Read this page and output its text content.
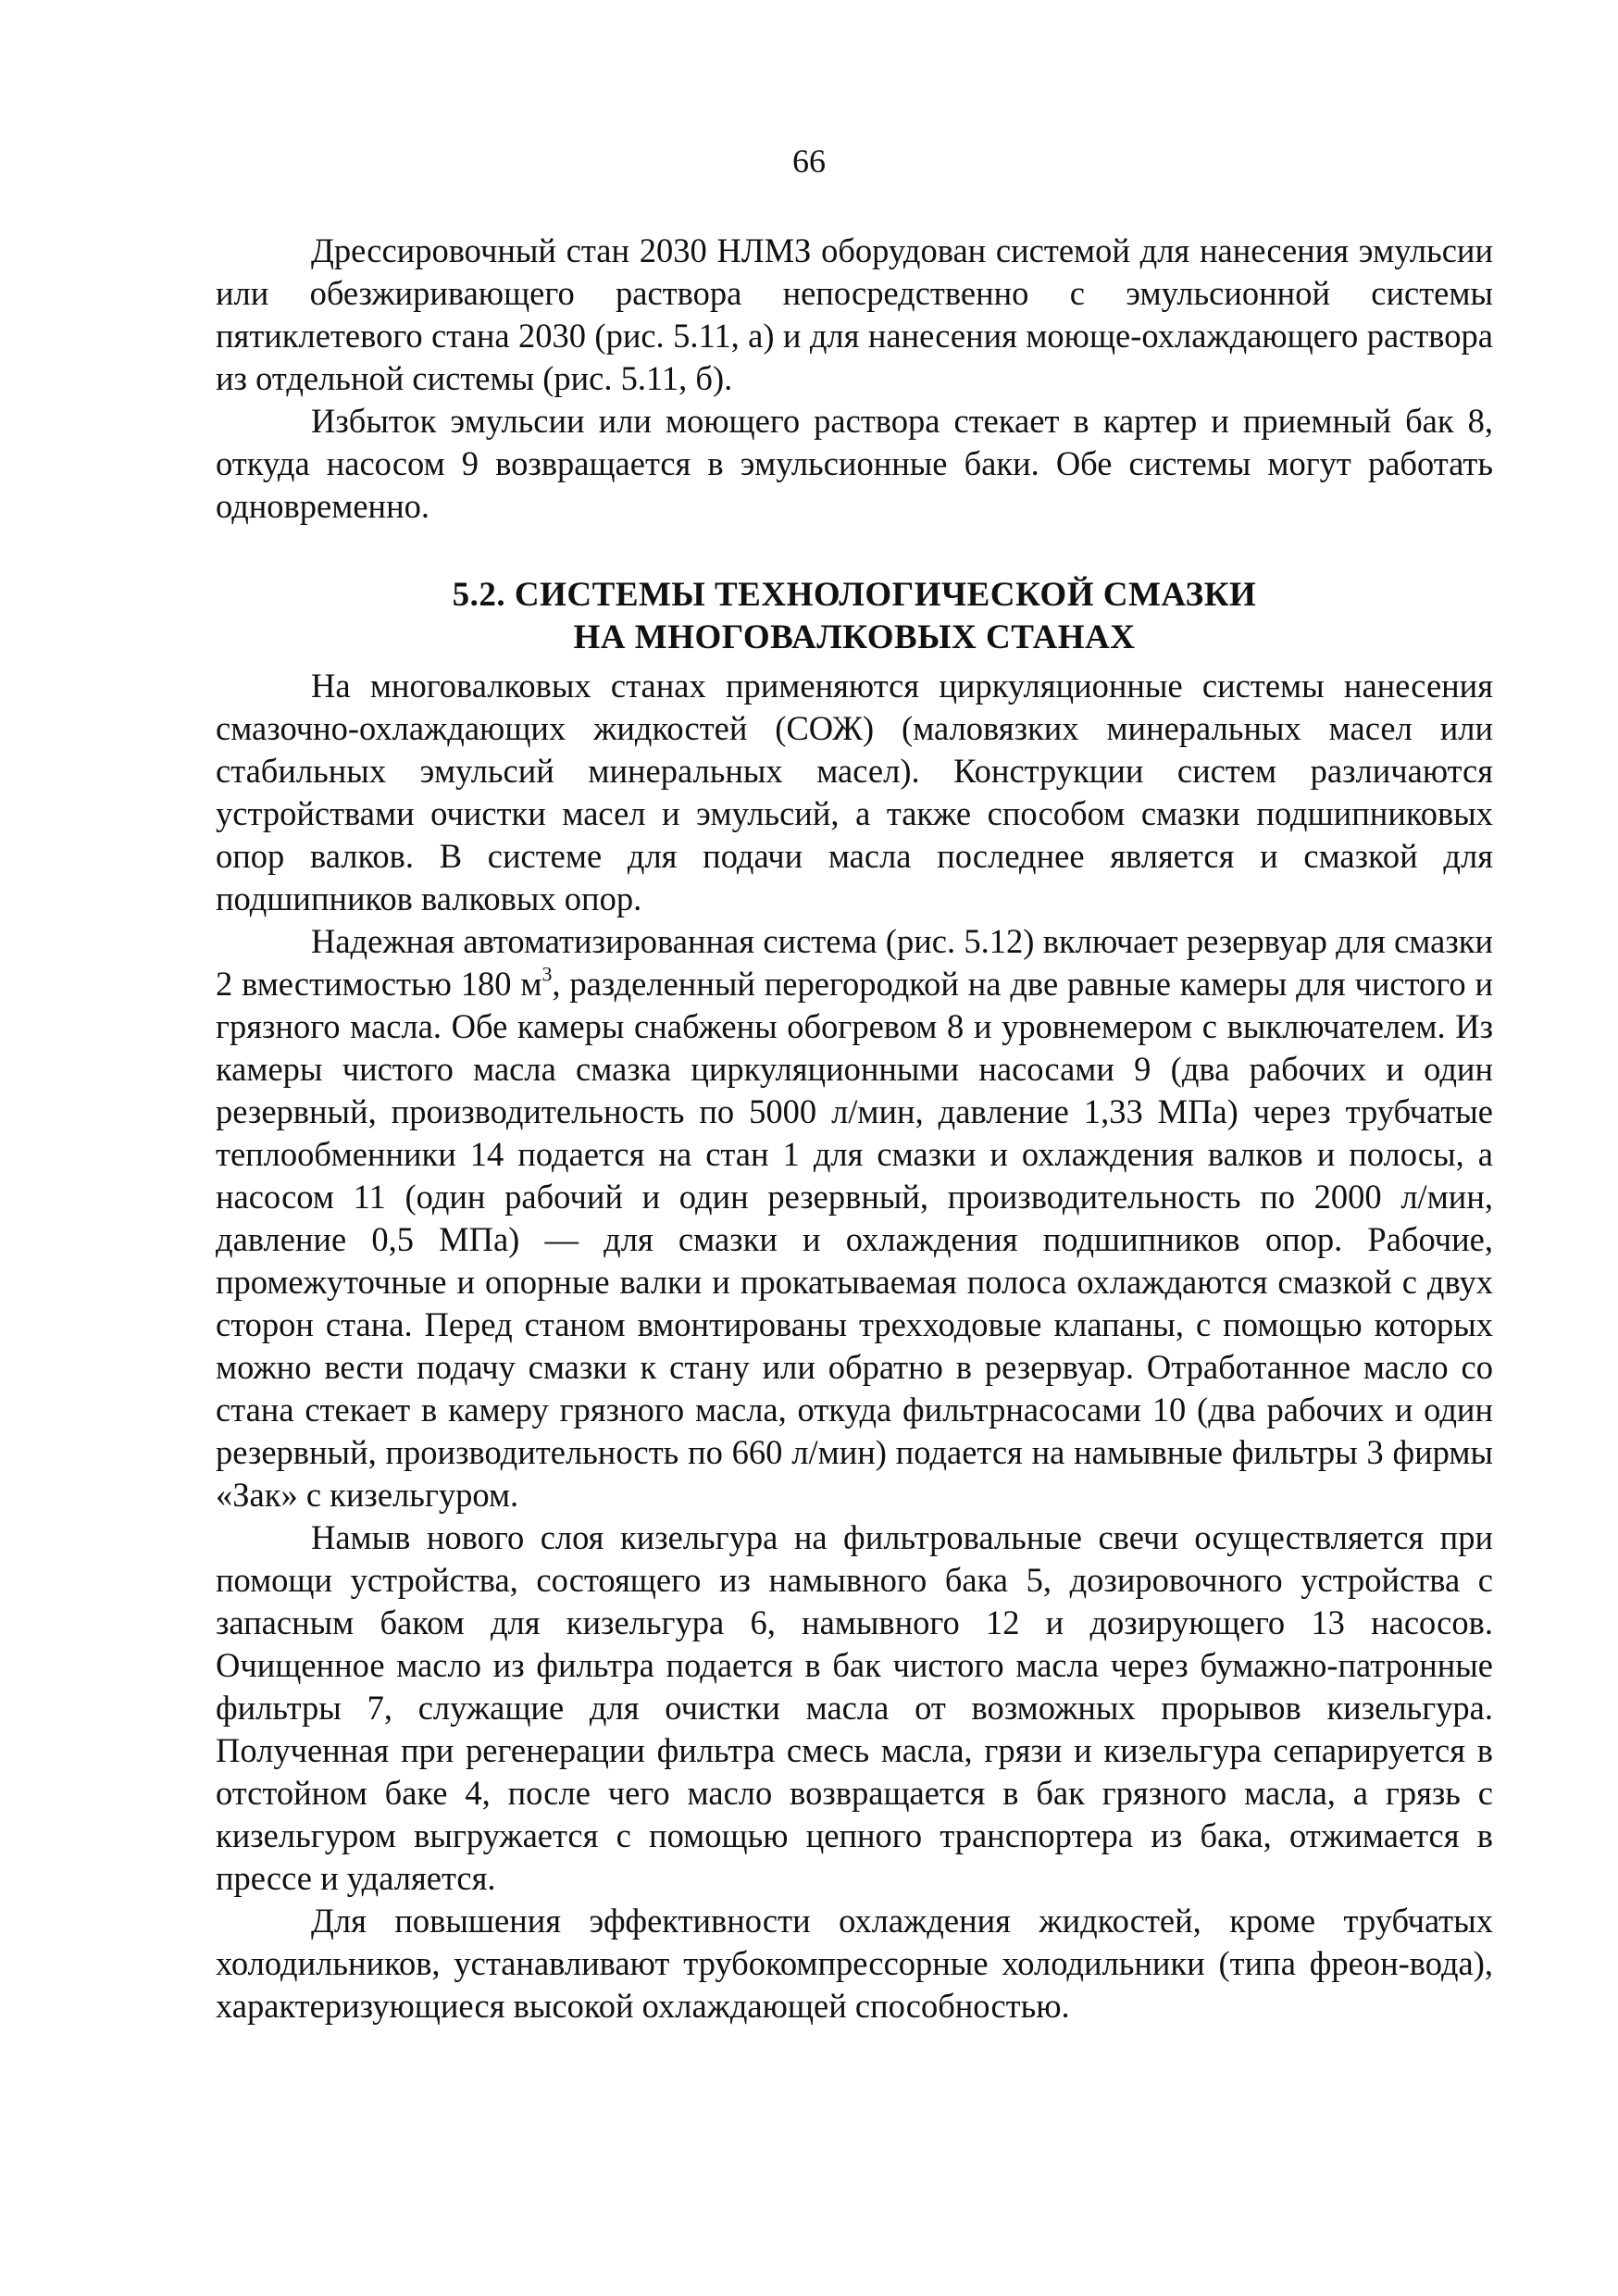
66

Дрессировочный стан 2030 НЛМЗ оборудован системой для нанесения эмульсии или обезжиривающего раствора непосредственно с эмульсионной системы пятиклетевого стана 2030 (рис. 5.11, а) и для нанесения моюще-охлаждающего раствора из отдельной системы (рис. 5.11, б).

Избыток эмульсии или моющего раствора стекает в картер и приемный бак 8, откуда насосом 9 возвращается в эмульсионные баки. Обе системы могут работать одновременно.

5.2. СИСТЕМЫ ТЕХНОЛОГИЧЕСКОЙ СМАЗКИ
НА МНОГОВАЛКОВЫХ СТАНАХ

На многовалковых станах применяются циркуляционные системы нанесения смазочно-охлаждающих жидкостей (СОЖ) (маловязких минеральных масел или стабильных эмульсий минеральных масел). Конструкции систем различаются устройствами очистки масел и эмульсий, а также способом смазки подшипниковых опор валков. В системе для подачи масла последнее является и смазкой для подшипников валковых опор.

Надежная автоматизированная система (рис. 5.12) включает резервуар для смазки 2 вместимостью 180 $м^3$, разделенный перегородкой на две равные камеры для чистого и грязного масла. Обе камеры снабжены обогревом 8 и уровнемером с выключателем. Из камеры чистого масла смазка циркуляционными насосами 9 (два рабочих и один резервный, производительность по 5000 л/мин, давление 1,33 МПа) через трубчатые теплообменники 14 подается на стан 1 для смазки и охлаждения валков и полосы, а насосом 11 (один рабочий и один резервный, производительность по 2000 л/мин, давление 0,5 МПа) — для смазки и охлаждения подшипников опор. Рабочие, промежуточные и опорные валки и прокатываемая полоса охлаждаются смазкой с двух сторон стана. Перед станом вмонтированы трехходовые клапаны, с помощью которых можно вести подачу смазки к стану или обратно в резервуар. Отработанное масло со стана стекает в камеру грязного масла, откуда фильтрнасосами 10 (два рабочих и один резервный, производительность по 660 л/мин) подается на намывные фильтры 3 фирмы «Зак» с кизельгуром.

Намыв нового слоя кизельгура на фильтровальные свечи осуществляется при помощи устройства, состоящего из намывного бака 5, дозировочного устройства с запасным баком для кизельгура 6, намывного 12 и дозирующего 13 насосов. Очищенное масло из фильтра подается в бак чистого масла через бумажно-патронные фильтры 7, служащие для очистки масла от возможных прорывов кизельгура. Полученная при регенерации фильтра смесь масла, грязи и кизельгура сепарируется в отстойном баке 4, после чего масло возвращается в бак грязного масла, а грязь с кизельгуром выгружается с помощью цепного транспортера из бака, отжимается в прессе и удаляется.

Для повышения эффективности охлаждения жидкостей, кроме трубчатых холодильников, устанавливают трубокомпрессорные холодильники (типа фреон-вода), характеризующиеся высокой охлаждающей способностью.
